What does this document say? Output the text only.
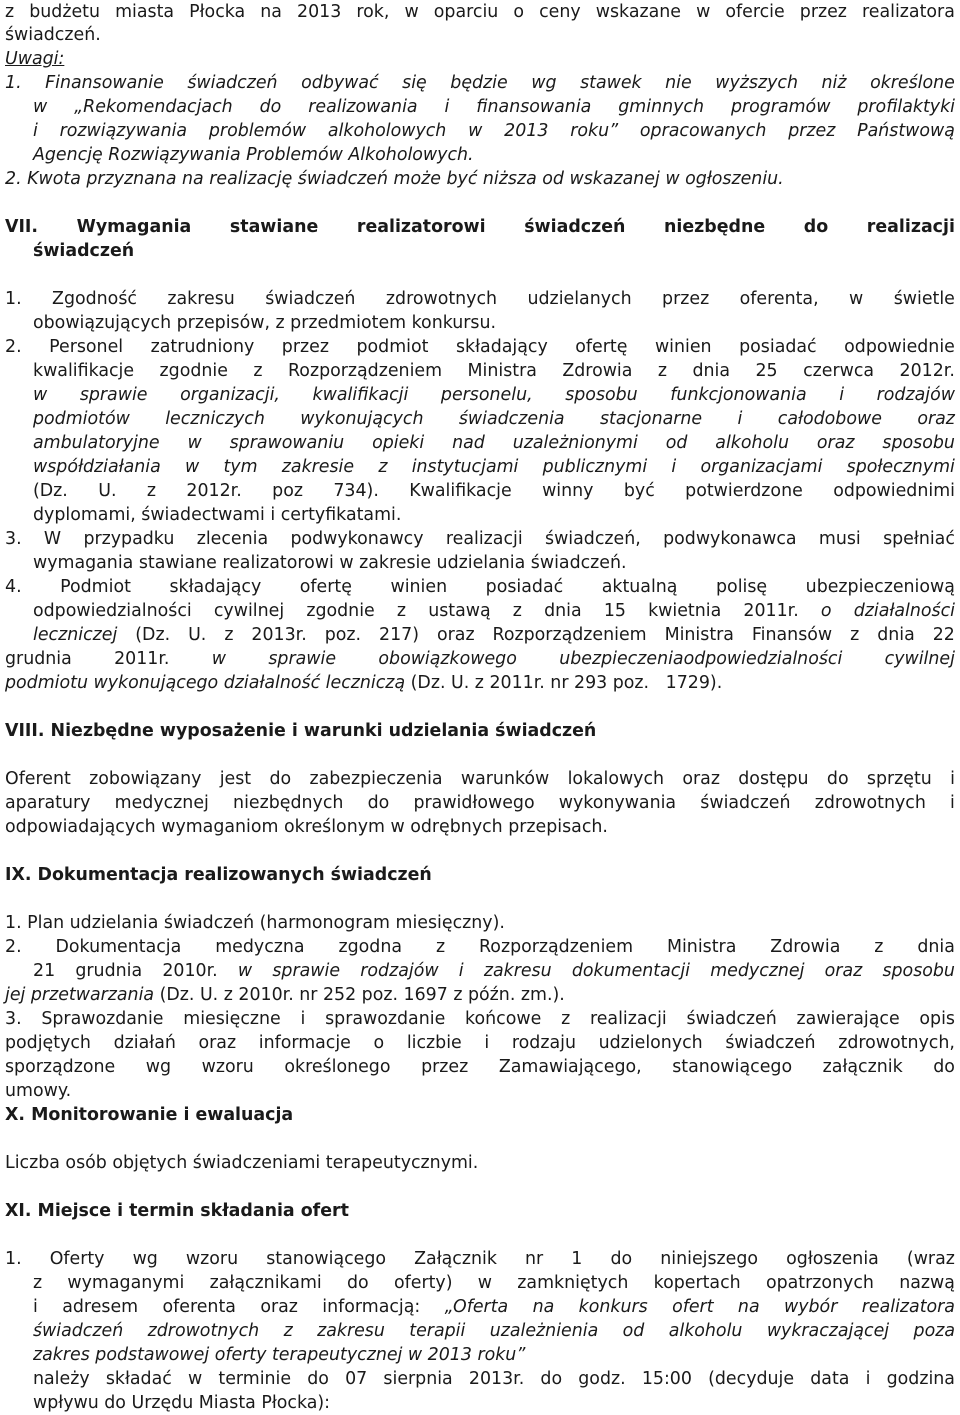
z budżetu miasta Płocka na 2013 rok, w oparciu o ceny wskazane w ofercie przez realizatora
świadczeń.
Uwagi:
1. Finansowanie świadczeń odbywać się będzie wg stawek nie wyższych niż określone
w „Rekomendacjach do realizowania i finansowania gminnych programów profilaktyki
i rozwiązywania problemów alkoholowych w 2013 roku” opracowanych przez Państwową
Agencję Rozwiązywania Problemów Alkoholowych.
2. Kwota przyznana na realizację świadczeń może być niższa od wskazanej w ogłoszeniu.
VII. Wymagania stawiane realizatorowi świadczeń niezbędne do realizacji
świadczeń
1. Zgodność zakresu świadczeń zdrowotnych udzielanych przez oferenta, w świetle
obowiązujących przepisów, z przedmiotem konkursu.
2. Personel zatrudniony przez podmiot składający ofertę winien posiadać odpowiednie
kwalifikacje zgodnie z Rozporządzeniem Ministra Zdrowia z dnia 25 czerwca 2012r.
w sprawie organizacji, kwalifikacji personelu, sposobu funkcjonowania i rodzajów
podmiotów leczniczych wykonujących świadczenia stacjonarne i całodobowe oraz
ambulatoryjne w sprawowaniu opieki nad uzależnionymi od alkoholu oraz sposobu
współdziałania w tym zakresie z instytucjami publicznymi i organizacjami społecznymi
(Dz. U. z 2012r. poz 734). Kwalifikacje winny być potwierdzone odpowiednimi
dyplomami, świadectwami i certyfikatami.
3. W przypadku zlecenia podwykonawcy realizacji świadczeń, podwykonawca musi spełniać
wymagania stawiane realizatorowi w zakresie udzielania świadczeń.
4. Podmiot składający ofertę winien posiadać aktualną polisę ubezpieczeniową
odpowiedzialności cywilnej zgodnie z ustawą z dnia 15 kwietnia 2011r. o działalności
leczniczej (Dz. U. z 2013r. poz. 217) oraz Rozporządzeniem Ministra Finansów z dnia 22
grudnia 2011r. w sprawie obowiązkowego ubezpieczeniaodpowiedzialności cywilnej
podmiotu wykonującego działalność leczniczą (Dz. U. z 2011r. nr 293 poz.   1729).
VIII. Niezbędne wyposażenie i warunki udzielania świadczeń
Oferent zobowiązany jest do zabezpieczenia warunków lokalowych oraz dostępu do sprzętu i
aparatury medycznej niezbędnych do prawidłowego wykonywania świadczeń zdrowotnych i
odpowiadających wymaganiom określonym w odrębnych przepisach.
IX. Dokumentacja realizowanych świadczeń
1. Plan udzielania świadczeń (harmonogram miesięczny).
2. Dokumentacja medyczna zgodna z Rozporządzeniem Ministra Zdrowia z dnia
21 grudnia 2010r. w sprawie rodzajów i zakresu dokumentacji medycznej oraz sposobu
jej przetwarzania (Dz. U. z 2010r. nr 252 poz. 1697 z późn. zm.).
3. Sprawozdanie miesięczne i sprawozdanie końcowe z realizacji świadczeń zawierające opis
podjętych działań oraz informacje o liczbie i rodzaju udzielonych świadczeń zdrowotnych,
sporządzone wg wzoru określonego przez Zamawiającego, stanowiącego załącznik do
umowy.
X. Monitorowanie i ewaluacja
Liczba osób objętych świadczeniami terapeutycznymi.
XI. Miejsce i termin składania ofert
1. Oferty wg wzoru stanowiącego Załącznik nr 1 do niniejszego ogłoszenia (wraz
z wymaganymi załącznikami do oferty) w zamkniętych kopertach opatrzonych nazwą
i adresem oferenta oraz informacją: „Oferta na konkurs ofert na wybór realizatora
świadczeń zdrowotnych z zakresu terapii uzależnienia od alkoholu wykraczającej poza
zakres podstawowej oferty terapeutycznej w 2013 roku”
należy składać w terminie do 07 sierpnia 2013r. do godz. 15:00 (decyduje data i godzina
wpływu do Urzędu Miasta Płocka):
